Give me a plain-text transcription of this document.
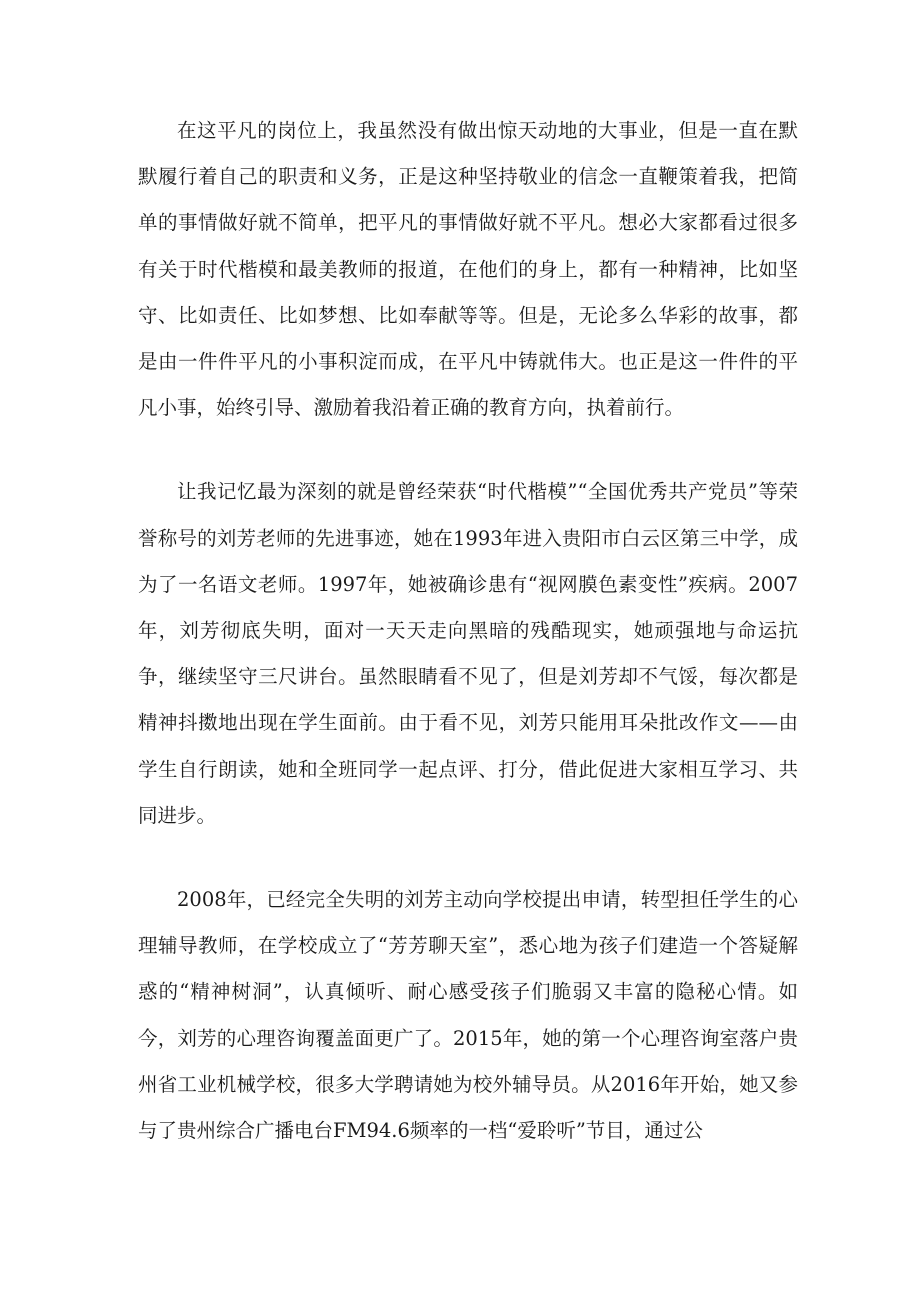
在这平凡的岗位上，我虽然没有做出惊天动地的大事业，但是一直在默默履行着自己的职责和义务，正是这种坚持敬业的信念一直鞭策着我，把简单的事情做好就不简单，把平凡的事情做好就不平凡。想必大家都看过很多有关于时代楷模和最美教师的报道，在他们的身上，都有一种精神，比如坚守、比如责任、比如梦想、比如奉献等等。但是，无论多么华彩的故事，都是由一件件平凡的小事积淀而成，在平凡中铸就伟大。也正是这一件件的平凡小事，始终引导、激励着我沿着正确的教育方向，执着前行。

让我记忆最为深刻的就是曾经荣获“时代楷模”“全国优秀共产党员”等荣誉称号的刘芳老师的先进事迹，她在1993年进入贵阳市白云区第三中学，成为了一名语文老师。1997年，她被确诊患有“视网膜色素变性”疾病。2007年，刘芳彻底失明，面对一天天走向黑暗的残酷现实，她顽强地与命运抗争，继续坚守三尺讲台。虽然眼睛看不见了，但是刘芳却不气馁，每次都是精神抖擞地出现在学生面前。由于看不见，刘芳只能用耳朵批改作文——由学生自行朗读，她和全班同学一起点评、打分，借此促进大家相互学习、共同进步。

2008年，已经完全失明的刘芳主动向学校提出申请，转型担任学生的心理辅导教师，在学校成立了“芳芳聊天室”，悉心地为孩子们建造一个答疑解惑的“精神树洞”，认真倾听、耐心感受孩子们脆弱又丰富的隐秘心情。如今，刘芳的心理咨询覆盖面更广了。2015年，她的第一个心理咨询室落户贵州省工业机械学校，很多大学聘请她为校外辅导员。从2016年开始，她又参与了贵州综合广播电台FM94.6频率的一档“爱聆听”节目，通过公
